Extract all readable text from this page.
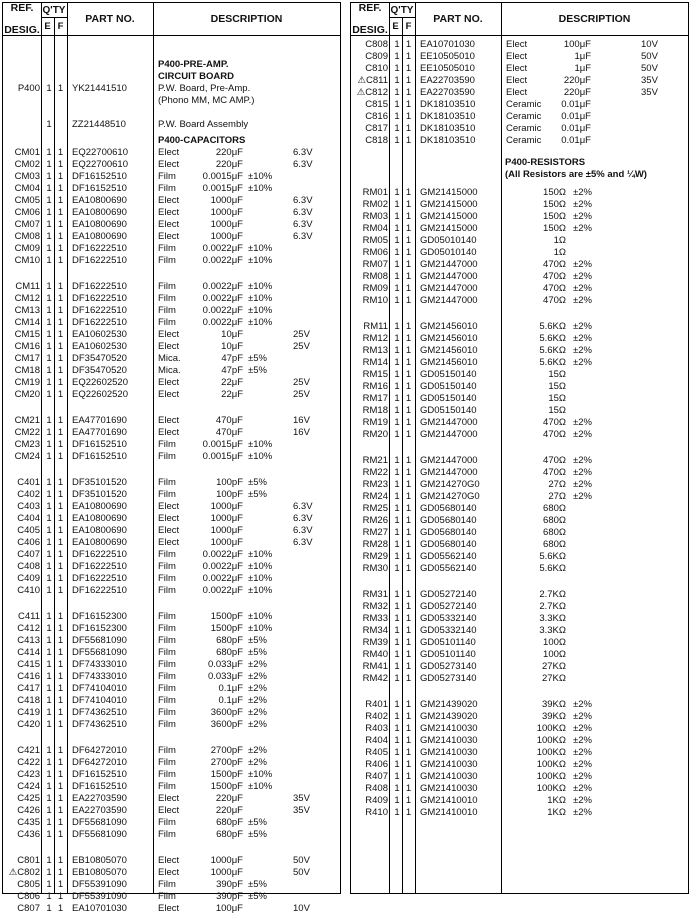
REF.

DESIG.
Q'TY
E F
PART NO.	DESCRIPTION
P400-PRE-AMP.
CIRCUIT BOARD
P400 1 1 YK21441510	P.W. Board, Pre-Amp.
(Phono MM, MC AMP.)
1 ZZ21448510	P.W. Board Assembly
P400-CAPACITORS
CM01 1 1 EQ22700610	Elect	220μF	6.3V
CM02 1 1 EQ22700610	Elect	220μF	6.3V
CM03 1 1 DF16152510	Film	0.0015μF ±10%
CM04 1 1 DF16152510	Film	0.0015μF ±10%
CM05 1 1 EA10800690	Elect	1000μF	6.3V
CM06 1 1 EA10800690	Elect	1000μF	6.3V
CM07 1 1 EA10800690	Elect	1000μF	6.3V
CM08 1 1 EA10800690	Elect	1000μF	6.3V
CM09 1 1 DF16222510	Film	0.0022μF ±10%
CM10 1 1 DF16222510	Film	0.0022μF ±10%
CM11 1 1 DF16222510	Film	0.0022μF ±10%
CM12 1 1 DF16222510	Film	0.0022μF ±10%
CM13 1 1 DF16222510	Film	0.0022μF ±10%
CM14 1 1 DF16222510	Film	0.0022μF ±10%
CM15 1 1 EA10602530	Elect	10μF	25V
CM16 1 1 EA10602530	Elect	10μF	25V
CM17 1 1 DF35470520	Mica.	47pF ±5%
CM18 1 1 DF35470520	Mica.	47pF ±5%
CM19 1 1 EQ22602520	Elect	22μF	25V
CM20 1 1 EQ22602520	Elect	22μF	25V
CM21 1 1 EA47701690	Elect	470μF	16V
CM22 1 1 EA47701690	Elect	470μF	16V
CM23 1 1 DF16152510	Film	0.0015μF ±10%
CM24 1 1 DF16152510	Film	0.0015μF ±10%
C401 1 1 DF35101520	Film	100pF ±5%
C402 1 1 DF35101520	Film	100pF ±5%
C403 1 1 EA10800690	Elect	1000μF	6.3V
C404 1 1 EA10800690	Elect	1000μF	6.3V
C405 1 1 EA10800690	Elect	1000μF	6.3V
C406 1 1 EA10800690	Elect	1000μF	6.3V
C407 1 1 DF16222510	Film	0.0022μF ±10%
C408 1 1 DF16222510	Film	0.0022μF ±10%
C409 1 1 DF16222510	Film	0.0022μF ±10%
C410 1 1 DF16222510	Film	0.0022μF ±10%
C411 1 1 DF16152300	Film	1500pF ±10%
C412 1 1 DF16152300	Film	1500pF ±10%
C413 1 1 DF55681090	Film	680pF ±5%
C414 1 1 DF55681090	Film	680pF ±5%
C415 1 1 DF74333010	Film	0.033μF ±2%
C416 1 1 DF74333010	Film	0.033μF ±2%
C417 1 1 DF74104010	Film	0.1μF ±2%
C418 1 1 DF74104010	Film	0.1μF ±2%
C419 1 1 DF74362510	Film	3600pF ±2%
C420 1 1 DF74362510	Film	3600pF ±2%
C421 1 1 DF64272010	Film	2700pF ±2%
C422 1 1 DF64272010	Film	2700pF ±2%
C423 1 1 DF16152510	Film	1500pF ±10%
C424 1 1 DF16152510	Film	1500pF ±10%
C425 1 1 EA22703590	Elect	220μF	35V
C426 1 1 EA22703590	Elect	220μF	35V
C435 1 1 DF55681090	Film	680pF ±5%
C436 1 1 DF55681090	Film	680pF ±5%
C801 1 1 EB10805070	Elect	1000μF	50V
⚠C802 1 1 EB10805070	Elect	1000μF	50V
C805 1 1 DF55391090	Film	390pF ±5%
C806 1 1 DF55391090	Film	390pF ±5%
C807 1 1 EA10701030	Elect	100μF	10V
REF.

DESIG.
Q'TY
E F
PART NO.	DESCRIPTION
C808 1 1 EA10701030	Elect	100μF	10V
C809 1 1 EE10505010	Elect	1μF	50V
C810 1 1 EE10505010	Elect	1μF	50V
⚠C811 1 1 EA22703590	Elect	220μF	35V
⚠C812 1 1 EA22703590	Elect	220μF	35V
C815 1 1 DK18103510	Ceramic	0.01μF
C816 1 1 DK18103510	Ceramic	0.01μF
C817 1 1 DK18103510	Ceramic	0.01μF
C818 1 1 DK18103510	Ceramic	0.01μF
P400-RESISTORS
(All Resistors are ±5% and ¼W)
RM01 1 1 GM21415000	150Ω ±2%
RM02 1 1 GM21415000	150Ω ±2%
RM03 1 1 GM21415000	150Ω ±2%
RM04 1 1 GM21415000	150Ω ±2%
RM05 1 1 GD05010140	1Ω
RM06 1 1 GD05010140	1Ω
RM07 1 1 GM21447000	470Ω ±2%
RM08 1 1 GM21447000	470Ω ±2%
RM09 1 1 GM21447000	470Ω ±2%
RM10 1 1 GM21447000	470Ω ±2%
RM11 1 1 GM21456010	5.6KΩ ±2%
RM12 1 1 GM21456010	5.6KΩ ±2%
RM13 1 1 GM21456010	5.6KΩ ±2%
RM14 1 1 GM21456010	5.6KΩ ±2%
RM15 1 1 GD05150140	15Ω
RM16 1 1 GD05150140	15Ω
RM17 1 1 GD05150140	15Ω
RM18 1 1 GD05150140	15Ω
RM19 1 1 GM21447000	470Ω ±2%
RM20 1 1 GM21447000	470Ω ±2%
RM21 1 1 GM21447000	470Ω ±2%
RM22 1 1 GM21447000	470Ω ±2%
RM23 1 1 GM214270G0	27Ω ±2%
RM24 1 1 GM214270G0	27Ω ±2%
RM25 1 1 GD05680140	680Ω
RM26 1 1 GD05680140	680Ω
RM27 1 1 GD05680140	680Ω
RM28 1 1 GD05680140	680Ω
RM29 1 1 GD05562140	5.6KΩ
RM30 1 1 GD05562140	5.6KΩ
RM31 1 1 GD05272140	2.7KΩ
RM32 1 1 GD05272140	2.7KΩ
RM33 1 1 GD05332140	3.3KΩ
RM34 1 1 GD05332140	3.3KΩ
RM39 1 1 GD05101140	100Ω
RM40 1 1 GD05101140	100Ω
RM41 1 1 GD05273140	27KΩ
RM42 1 1 GD05273140	27KΩ
R401 1 1 GM21439020	39KΩ ±2%
R402 1 1 GM21439020	39KΩ ±2%
R403 1 1 GM21410030	100KΩ ±2%
R404 1 1 GM21410030	100KΩ ±2%
R405 1 1 GM21410030	100KΩ ±2%
R406 1 1 GM21410030	100KΩ ±2%
R407 1 1 GM21410030	100KΩ ±2%
R408 1 1 GM21410030	100KΩ ±2%
R409 1 1 GM21410010	1KΩ ±2%
R410 1 1 GM21410010	1KΩ ±2%
